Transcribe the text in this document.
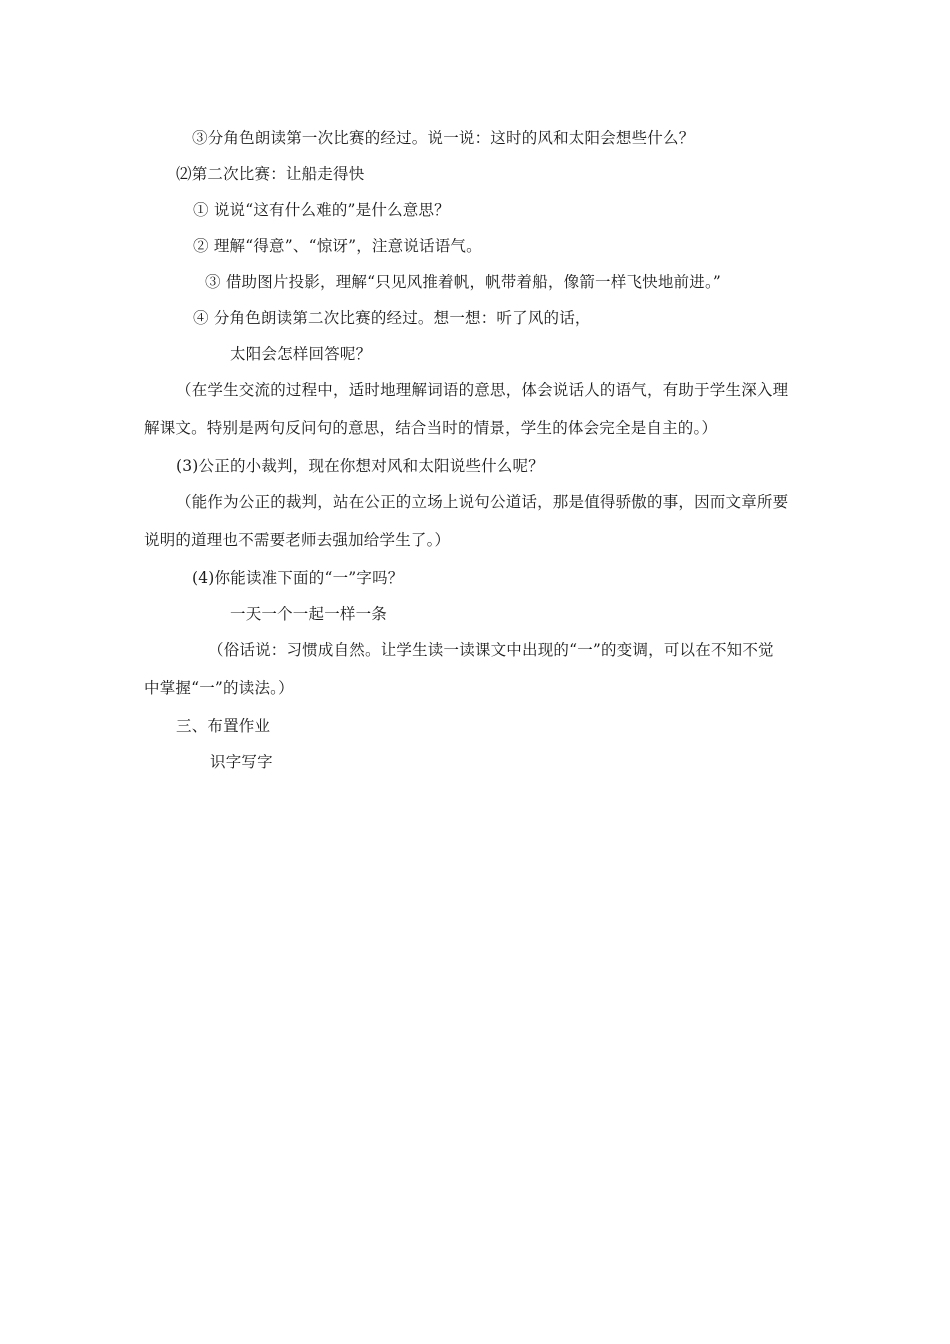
③分角色朗读第一次比赛的经过。说一说：这时的风和太阳会想些什么？
⑵第二次比赛：让船走得快
① 说说“这有什么难的”是什么意思？
② 理解“得意”、“惊讶”，注意说话语气。
③ 借助图片投影，理解“只见风推着帆，帆带着船，像箭一样飞快地前进。”
④ 分角色朗读第二次比赛的经过。想一想：听了风的话，
太阳会怎样回答呢？
（在学生交流的过程中，适时地理解词语的意思，体会说话人的语气，有助于学生深入理
解课文。特别是两句反问句的意思，结合当时的情景，学生的体会完全是自主的。）
(3)公正的小裁判，现在你想对风和太阳说些什么呢？
（能作为公正的裁判，站在公正的立场上说句公道话，那是值得骄傲的事，因而文章所要
说明的道理也不需要老师去强加给学生了。）
(4)你能读准下面的“一”字吗？
一天一个一起一样一条
（俗话说：习惯成自然。让学生读一读课文中出现的“一”的变调，可以在不知不觉
中掌握“一”的读法。）
三、布置作业
识字写字
